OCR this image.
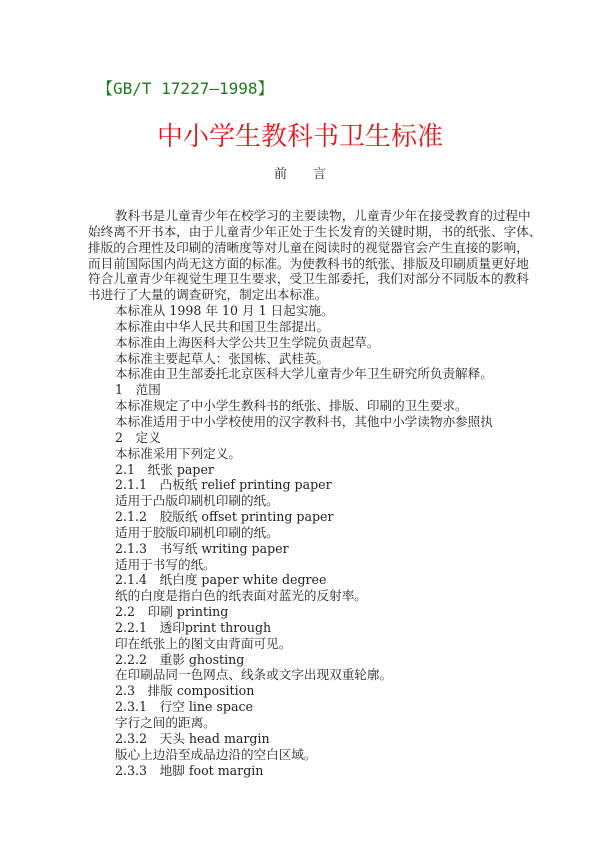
【GB/T 17227—1998】
中小学生教科书卫生标准
前　　言
教科书是儿童青少年在校学习的主要读物，儿童青少年在接受教育的过程中
始终离不开书本，由于儿童青少年正处于生长发育的关键时期，书的纸张、字体、
排版的合理性及印刷的清晰度等对儿童在阅读时的视觉器官会产生直接的影响，
而目前国际国内尚无这方面的标准。为使教科书的纸张、排版及印刷质量更好地
符合儿童青少年视觉生理卫生要求，受卫生部委托，我们对部分不同版本的教科
书进行了大量的调查研究，制定出本标准。
本标准从 1998 年 10 月 1 日起实施。
本标准由中华人民共和国卫生部提出。
本标准由上海医科大学公共卫生学院负责起草。
本标准主要起草人：张国栋、武桂英。
本标准由卫生部委托北京医科大学儿童青少年卫生研究所负责解释。
1　范围
本标准规定了中小学生教科书的纸张、排版、印刷的卫生要求。
本标准适用于中小学校使用的汉字教科书，其他中小学读物亦参照执
2　定义
本标准采用下列定义。
2.1　纸张 paper
2.1.1　凸板纸 relief printing paper
适用于凸版印刷机印刷的纸。
2.1.2　胶版纸 offset printing paper
适用于胶版印刷机印刷的纸。
2.1.3　书写纸 writing paper
适用于书写的纸。
2.1.4　纸白度 paper white degree
纸的白度是指白色的纸表面对蓝光的反射率。
2.2　印刷 printing
2.2.1　透印print through
印在纸张上的图文由背面可见。
2.2.2　重影 ghosting
在印刷品同一色网点、线条或文字出现双重轮廓。
2.3　排版 composition
2.3.1　行空 line space
字行之间的距离。
2.3.2　天头 head margin
版心上边沿至成品边沿的空白区域。
2.3.3　地脚 foot margin
